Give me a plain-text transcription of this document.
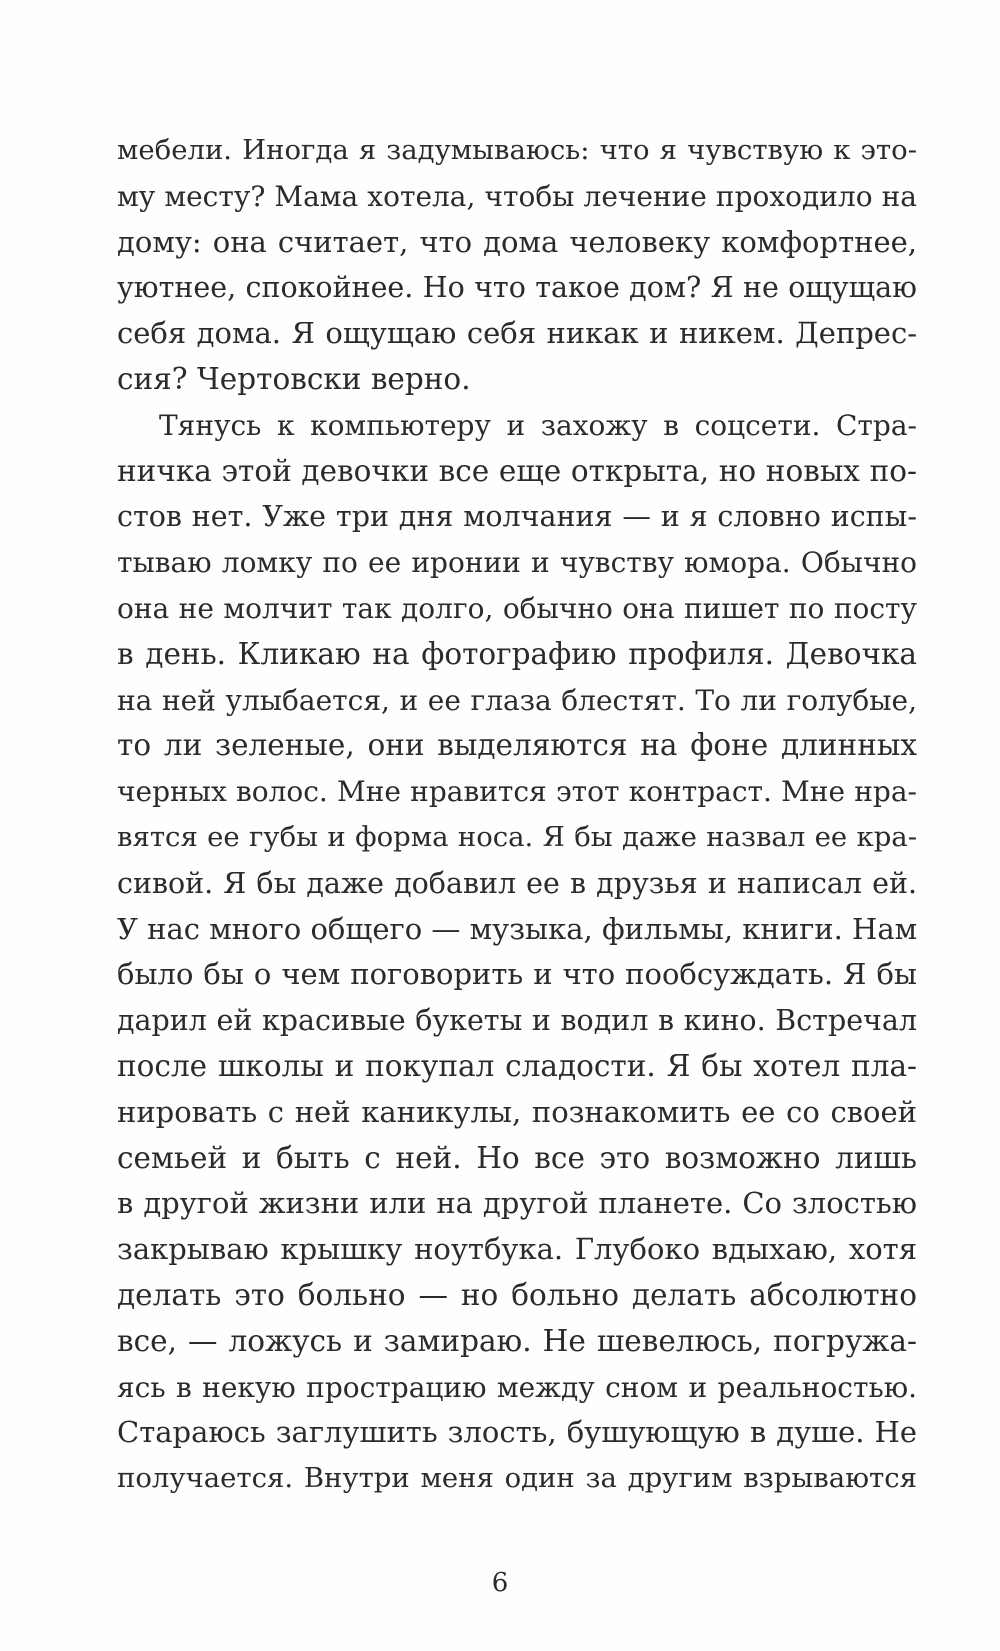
мебели. Иногда я задумываюсь: что я чувствую к это-
му месту? Мама хотела, чтобы лечение проходило на
дому: она считает, что дома человеку комфортнее,
уютнее, спокойнее. Но что такое дом? Я не ощущаю
себя дома. Я ощущаю себя никак и никем. Депрес-
сия? Чертовски верно.
Тянусь к компьютеру и захожу в соцсети. Стра-
ничка этой девочки все еще открыта, но новых по-
стов нет. Уже три дня молчания — и я словно испы-
тываю ломку по ее иронии и чувству юмора. Обычно
она не молчит так долго, обычно она пишет по посту
в день. Кликаю на фотографию профиля. Девочка
на ней улыбается, и ее глаза блестят. То ли голубые,
то ли зеленые, они выделяются на фоне длинных
черных волос. Мне нравится этот контраст. Мне нра-
вятся ее губы и форма носа. Я бы даже назвал ее кра-
сивой. Я бы даже добавил ее в друзья и написал ей.
У нас много общего — музыка, фильмы, книги. Нам
было бы о чем поговорить и что пообсуждать. Я бы
дарил ей красивые букеты и водил в кино. Встречал
после школы и покупал сладости. Я бы хотел пла-
нировать с ней каникулы, познакомить ее со своей
семьей и быть с ней. Но все это возможно лишь
в другой жизни или на другой планете. Со злостью
закрываю крышку ноутбука. Глубоко вдыхаю, хотя
делать это больно — но больно делать абсолютно
все, — ложусь и замираю. Не шевелюсь, погружа-
ясь в некую прострацию между сном и реальностью.
Стараюсь заглушить злость, бушующую в душе. Не
получается. Внутри меня один за другим взрываются
6
